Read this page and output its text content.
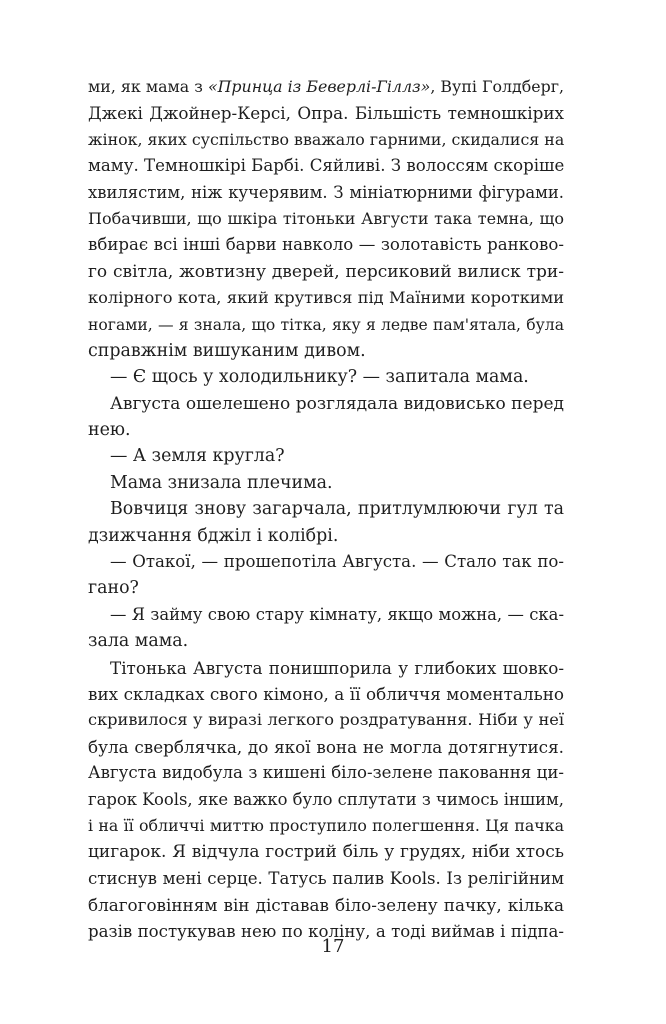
ми, як мама з «Принца із Беверлі-Гіллз», Вупі Голдберг,
Джекі Джойнер-Керсі, Опра. Більшість темношкірих
жінок, яких суспільство вважало гарними, скидалися на
маму. Темношкірі Барбі. Сяйливі. З волоссям скоріше
хвилястим, ніж кучерявим. З мініатюрними фігурами.
Побачивши, що шкіра тітоньки Августи така темна, що
вбирає всі інші барви навколо — золотавість ранково-
го світла, жовтизну дверей, персиковий вилиск три-
колірного кота, який крутився під Маїними короткими
ногами, — я знала, що тітка, яку я ледве пам'ятала, була
справжнім вишуканим дивом.
— Є щось у холодильнику? — запитала мама.
Августа ошелешено розглядала видовисько перед
нею.
— А земля кругла?
Мама знизала плечима.
Вовчиця знову загарчала, притлумлюючи гул та
дзижчання бджіл і колібрі.
— Отакої, — прошепотіла Августа. — Стало так по-
гано?
— Я займу свою стару кімнату, якщо можна, — ска-
зала мама.
Тітонька Августа понишпорила у глибоких шовко-
вих складках свого кімоно, а її обличчя моментально
скривилося у виразі легкого роздратування. Ніби у неї
була сверблячка, до якої вона не могла дотягнутися.
Августа видобула з кишені біло-зелене паковання ци-
гарок Kools, яке важко було сплутати з чимось іншим,
і на її обличчі миттю проступило полегшення. Ця пачка
цигарок. Я відчула гострий біль у грудях, ніби хтось
стиснув мені серце. Татусь палив Kools. Із релігійним
благоговінням він діставав біло-зелену пачку, кілька
разів постукував нею по коліну, а тоді виймав і підпа-
17
